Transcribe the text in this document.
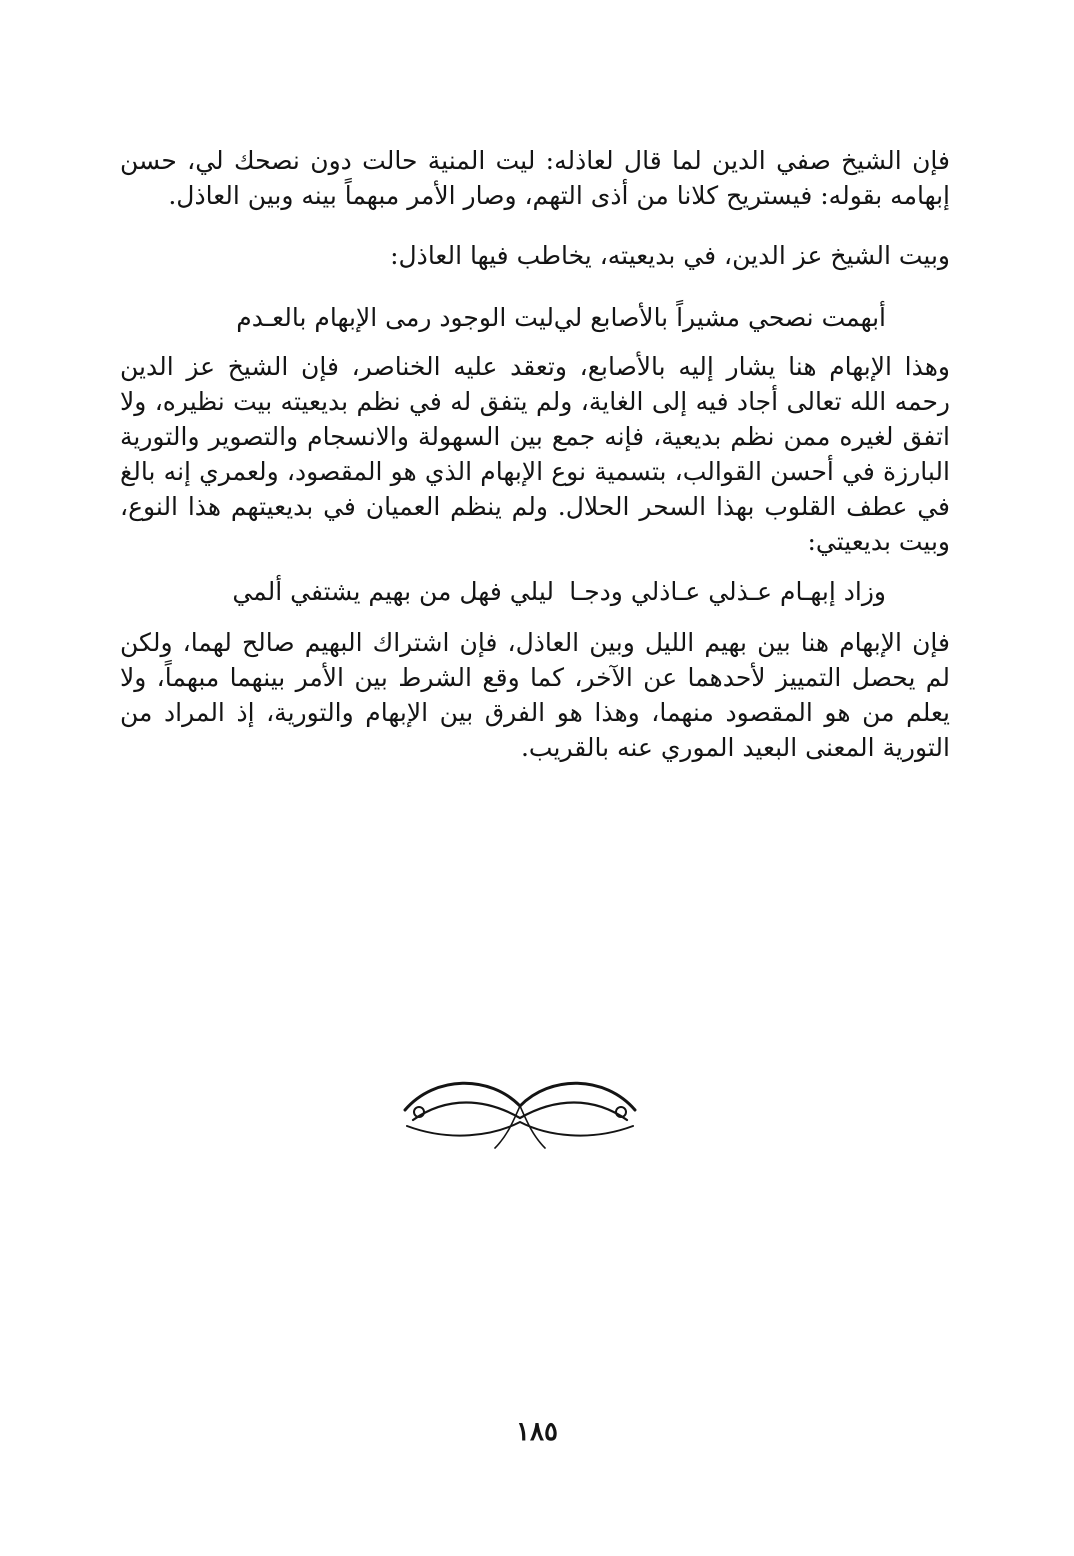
فإن الشيخ صفي الدين لما قال لعاذله: ليت المنية حالت دون نصحك لي، حسن إبهامه بقوله: فيستريح كلانا من أذى التهم، وصار الأمر مبهماً بينه وبين العاذل.
وبيت الشيخ عز الدين، في بديعيته، يخاطب فيها العاذل:
أبهمت نصحي مشيراً بالأصابع لي
ليت الوجود رمى الإبهام بالعـدم
وهذا الإبهام هنا يشار إليه بالأصابع، وتعقد عليه الخناصر، فإن الشيخ عز الدين رحمه الله تعالى أجاد فيه إلى الغاية، ولم يتفق له في نظم بديعيته بيت نظيره، ولا اتفق لغيره ممن نظم بديعية، فإنه جمع بين السهولة والانسجام والتصوير والتورية البارزة في أحسن القوالب، بتسمية نوع الإبهام الذي هو المقصود، ولعمري إنه بالغ في عطف القلوب بهذا السحر الحلال. ولم ينظم العميان في بديعيتهم هذا النوع، وبيت بديعيتي:
وزاد إبهـام عـذلي عـاذلي ودجـا
ليلي فهل من بهيم يشتفي ألمي
فإن الإبهام هنا بين بهيم الليل وبين العاذل، فإن اشتراك البهيم صالح لهما، ولكن لم يحصل التمييز لأحدهما عن الآخر، كما وقع الشرط بين الأمر بينهما مبهماً، ولا يعلم من هو المقصود منهما، وهذا هو الفرق بين الإبهام والتورية، إذ المراد من التورية المعنى البعيد الموري عنه بالقريب.
١٨٥
